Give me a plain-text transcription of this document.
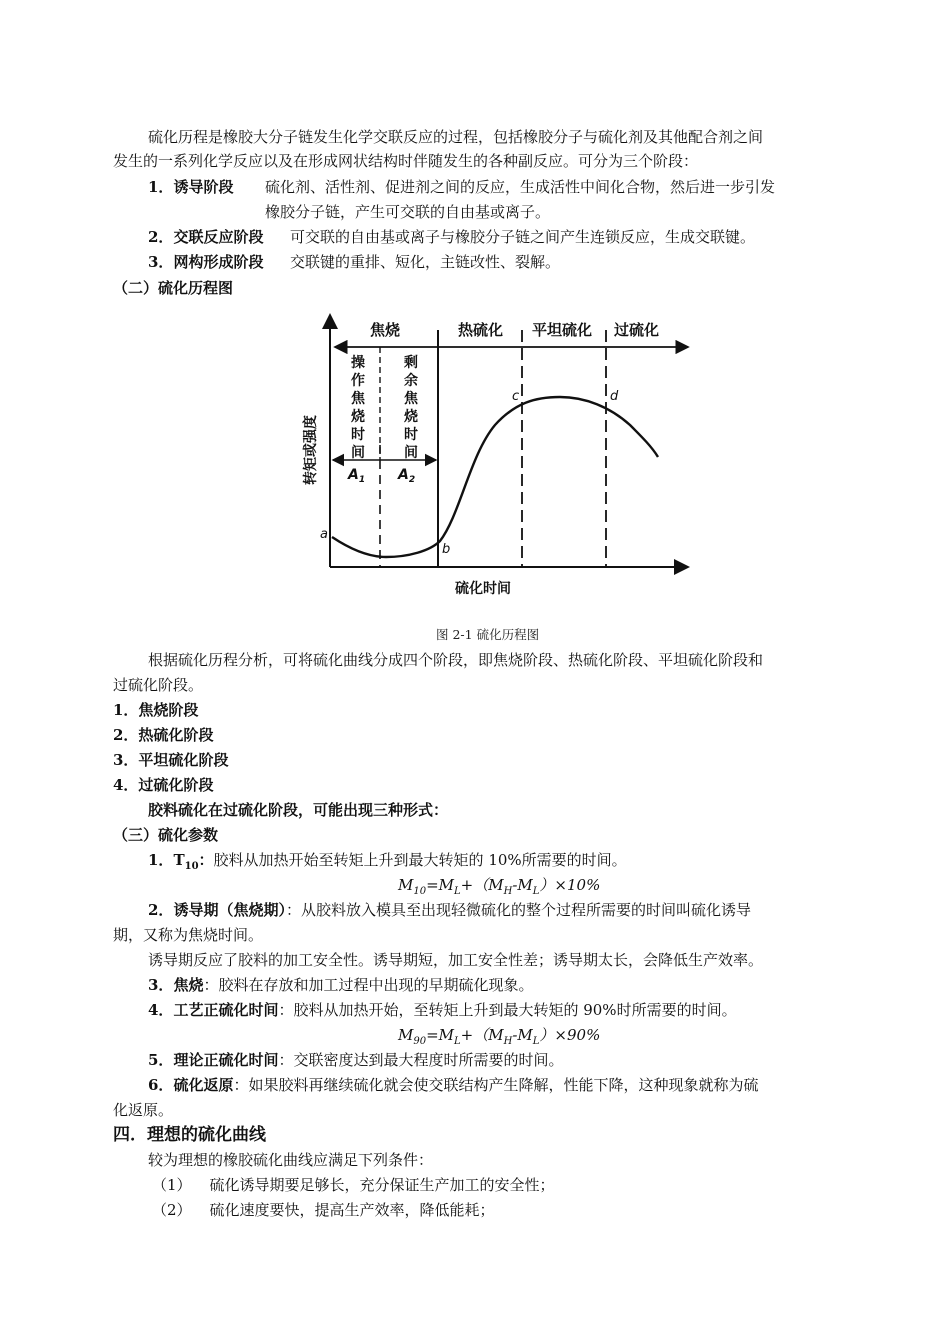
硫化历程是橡胶大分子链发生化学交联反应的过程，包括橡胶分子与硫化剂及其他配合剂之间
发生的一系列化学反应以及在形成网状结构时伴随发生的各种副反应。可分为三个阶段：
1．诱导阶段 硫化剂、活性剂、促进剂之间的反应，生成活性中间化合物，然后进一步引发
橡胶分子链，产生可交联的自由基或离子。
2．交联反应阶段 可交联的自由基或离子与橡胶分子链之间产生连锁反应，生成交联键。
3．网构形成阶段 交联键的重排、短化，主链改性、裂解。
（二）硫化历程图
焦烧	热硫化 平坦硫化 过硫化
操
作
焦
烧
时
间
剩
余
焦
烧
时
间
$A_1$ $A_2$
a
b
c	d
转矩或强度
硫化时间
图 2-1 硫化历程图
根据硫化历程分析，可将硫化曲线分成四个阶段，即焦烧阶段、热硫化阶段、平坦硫化阶段和
过硫化阶段。
1．焦烧阶段
2．热硫化阶段
3．平坦硫化阶段
4．过硫化阶段
胶料硫化在过硫化阶段，可能出现三种形式：
（三）硫化参数
1．$T_{10}$：胶料从加热开始至转矩上升到最大转矩的 10%所需要的时间。
$M_{10}=M_L+(M_H-M_L)\times 10\%$
2．诱导期（焦烧期）：从胶料放入模具至出现轻微硫化的整个过程所需要的时间叫硫化诱导
期，又称为焦烧时间。
诱导期反应了胶料的加工安全性。诱导期短，加工安全性差；诱导期太长，会降低生产效率。
3．焦烧：胶料在存放和加工过程中出现的早期硫化现象。
4．工艺正硫化时间：胶料从加热开始，至转矩上升到最大转矩的 90%时所需要的时间。
$M_{90}=M_L+(M_H-M_L)\times 90\%$
5．理论正硫化时间：交联密度达到最大程度时所需要的时间。
6．硫化返原：如果胶料再继续硫化就会使交联结构产生降解，性能下降，这种现象就称为硫
化返原。
四．理想的硫化曲线
较为理想的橡胶硫化曲线应满足下列条件：
（1） 硫化诱导期要足够长，充分保证生产加工的安全性；
（2） 硫化速度要快，提高生产效率，降低能耗；
